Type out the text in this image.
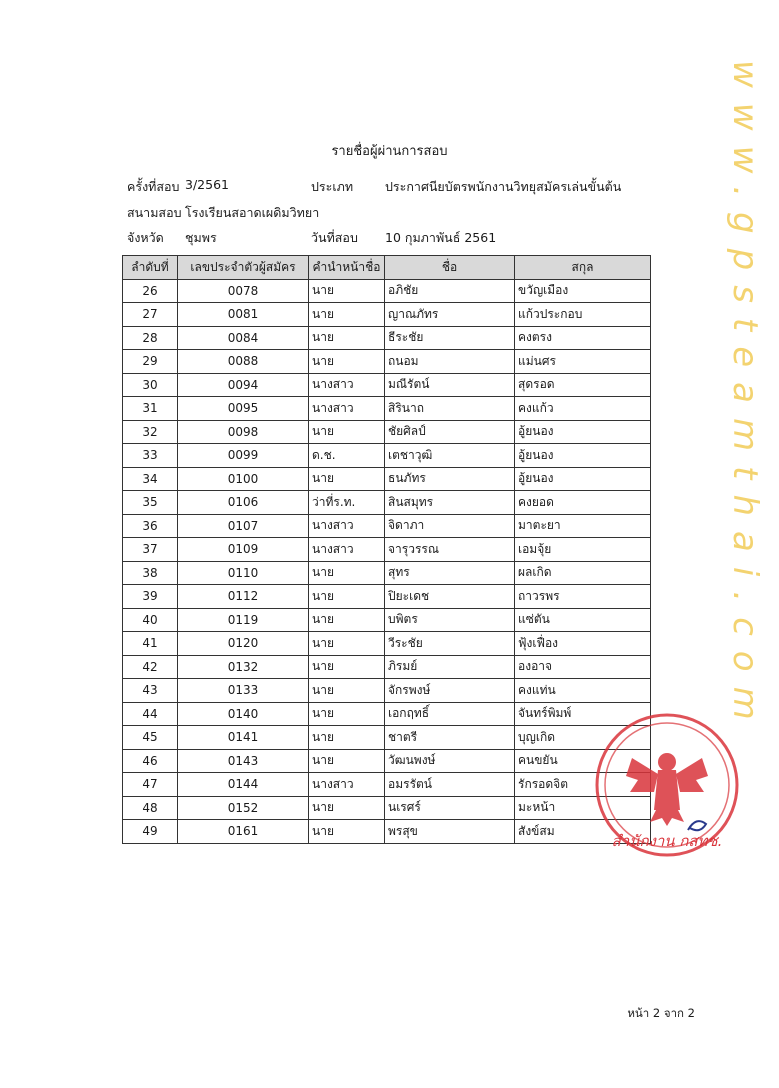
รายชื่อผู้ผ่านการสอบ
ครั้งที่สอบ 3/2561	ประเภท	ประกาศนียบัตรพนักงานวิทยุสมัครเล่นขั้นต้น
สนามสอบ โรงเรียนสอาดเผดิมวิทยา
จังหวัด ชุมพร	วันที่สอบ 10 กุมภาพันธ์ 2561
ลำดับที่	เลขประจำตัวผู้สมัคร	คำนำหน้าชื่อ	ชื่อ	สกุล
26	0078	นาย	อภิชัย	ขวัญเมือง
27	0081	นาย	ญาณภัทร	แก้วประกอบ
28	0084	นาย	ธีระชัย	คงตรง
29	0088	นาย	ถนอม	แม่นศร
30	0094	นางสาว	มณีรัตน์	สุดรอด
31	0095	นางสาว	สิรินาถ	คงแก้ว
32	0098	นาย	ชัยศิลป์	อู้ยนอง
33	0099	ด.ช.	เตชาวุฒิ	อู้ยนอง
34	0100	นาย	ธนภัทร	อู้ยนอง
35	0106	ว่าที่ร.ท.	สินสมุทร	คงยอด
36	0107	นางสาว	จิดาภา	มาตะยา
37	0109	นางสาว	จารุวรรณ	เอมจุ้ย
38	0110	นาย	สุทร	ผลเกิด
39	0112	นาย	ปิยะเดช	ถาวรพร
40	0119	นาย	บพิตร	แซ่ตัน
41	0120	นาย	วีระชัย	ฟุ้งเฟื่อง
42	0132	นาย	ภิรมย์	องอาจ
43	0133	นาย	จักรพงษ์	คงแท่น
44	0140	นาย	เอกฤทธิ์	จันทร์พิมพ์
45	0141	นาย	ชาตรี	บุญเกิด
46	0143	นาย	วัฒนพงษ์	คนขยัน
47	0144	นางสาว	อมรรัตน์	รักรอดจิต
48	0152	นาย	นเรศร์	มะหน้า
49	0161	นาย	พรสุข	สังข์สม
www.gpsteamthai.com
สำนักงาน กสทช.
หน้า 2 จาก 2
